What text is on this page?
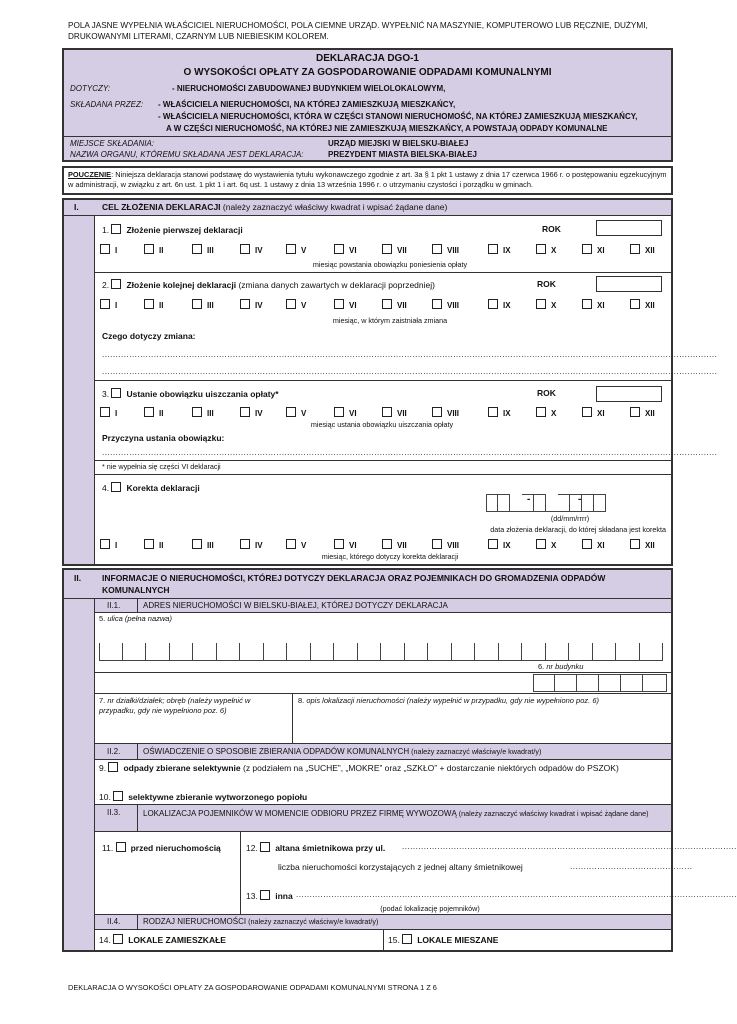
POLA JASNE WYPEŁNIA WŁAŚCICIEL NIERUCHOMOŚCI, POLA CIEMNE URZĄD. WYPEŁNIĆ NA MASZYNIE, KOMPUTEROWO LUB RĘCZNIE, DUŻYMI, DRUKOWANYMI LITERAMI, CZARNYM LUB NIEBIESKIM KOLOREM.
DEKLARACJA DGO-1
O WYSOKOŚCI OPŁATY ZA GOSPODAROWANIE ODPADAMI KOMUNALNYMI
DOTYCZY:	- NIERUCHOMOŚCI ZABUDOWANEJ BUDYNKIEM WIELOLOKALOWYM,
SKŁADANA PRZEZ: - WŁAŚCICIELA NIERUCHOMOŚCI, NA KTÓREJ ZAMIESZKUJĄ MIESZKAŃCY,
- WŁAŚCICIELA NIERUCHOMOŚCI, KTÓRA W CZĘŚCI STANOWI NIERUCHOMOŚĆ, NA KTÓREJ ZAMIESZKUJĄ MIESZKAŃCY,
A W CZĘŚCI NIERUCHOMOŚĆ, NA KTÓREJ NIE ZAMIESZKUJĄ MIESZKAŃCY, A POWSTAJĄ ODPADY KOMUNALNE
MIEJSCE SKŁADANIA:	URZĄD MIEJSKI W BIELSKU-BIAŁEJ
NAZWA ORGANU, KTÓREMU SKŁADANA JEST DEKLARACJA:	PREZYDENT MIASTA BIELSKA-BIAŁEJ
POUCZENIE: Niniejsza deklaracja stanowi podstawę do wystawienia tytułu wykonawczego zgodnie z art. 3a § 1 pkt 1 ustawy z dnia 17 czerwca 1966 r. o postępowaniu egzekucyjnym w administracji, w związku z art. 6n ust. 1 pkt 1 i art. 6q ust. 1 ustawy z dnia 13 września 1996 r. o utrzymaniu czystości i porządku w gminach.
I.	CEL ZŁOŻENIA DEKLARACJI (należy zaznaczyć właściwy kwadrat i wpisać żądane dane)
1. Złożenie pierwszej deklaracji	ROK
I	II	III	IV	V	VI	VII	VIII	IX	X	XI	XII
miesiąc powstania obowiązku poniesienia opłaty
2. Złożenie kolejnej deklaracji (zmiana danych zawartych w deklaracji poprzedniej)	ROK
I	II	III	IV	V	VI	VII	VIII	IX	X	XI	XII
miesiąc, w którym zaistniała zmiana
Czego dotyczy zmiana:
..................................................................................................................................................................................................................................
..................................................................................................................................................................................................................................
3. Ustanie obowiązku uiszczania opłaty*	ROK
I	II	III	IV	V	VI	VII	VIII	IX	X	XI	XII
miesiąc ustania obowiązku uiszczania opłaty
Przyczyna ustania obowiązku:
..................................................................................................................................................................................................................................
* nie wypełnia się części VI deklaracji
4. Korekta deklaracji
-	-
(dd/mm/rrrr)
data złożenia deklaracji, do której składana jest korekta
I	II	III	IV	V	VI	VII	VIII	IX	X	XI	XII
miesiąc, którego dotyczy korekta deklaracji
II. INFORMACJE O NIERUCHOMOŚCI, KTÓREJ DOTYCZY DEKLARACJA ORAZ POJEMNIKACH DO GROMADZENIA ODPADÓW
KOMUNALNYCH
II.1.	ADRES NIERUCHOMOŚCI W BIELSKU-BIAŁEJ, KTÓREJ DOTYCZY DEKLARACJA
5. ulica (pełna nazwa)
6. nr budynku
7. nr działki/działek; obręb (należy wypełnić w przypadku, gdy nie wypełniono poz. 6)
8. opis lokalizacji nieruchomości (należy wypełnić w przypadku, gdy nie wypełniono poz. 6)
II.2.	OŚWIADCZENIE O SPOSOBIE ZBIERANIA ODPADÓW KOMUNALNYCH (należy zaznaczyć właściwy/e kwadrat/y)
9. odpady zbierane selektywnie (z podziałem na „SUCHE”, „MOKRE” oraz „SZKŁO” + dostarczanie niektórych odpadów do PSZOK)
10. selektywne zbieranie wytworzonego popiołu
II.3.	LOKALIZACJA POJEMNIKÓW W MOMENCIE ODBIORU PRZEZ FIRMĘ WYWOZOWĄ (należy zaznaczyć właściwy kwadrat i wpisać żądane dane)
11. przed nieruchomością	12. altana śmietnikowa przy ul. ...........................................................................................................................
liczba nieruchomości korzystających z jednej altany śmietnikowej	.............................................
13. inna ..................................................................................................................................................................
(podać lokalizację pojemników)
II.4.	RODZAJ NIERUCHOMOŚCI (należy zaznaczyć właściwy/e kwadrat/y)
14. LOKALE ZAMIESZKAŁE	15. LOKALE MIESZANE
DEKLARACJA O WYSOKOŚCI OPŁATY ZA GOSPODAROWANIE ODPADAMI KOMUNALNYMI STRONA 1 Z 6
